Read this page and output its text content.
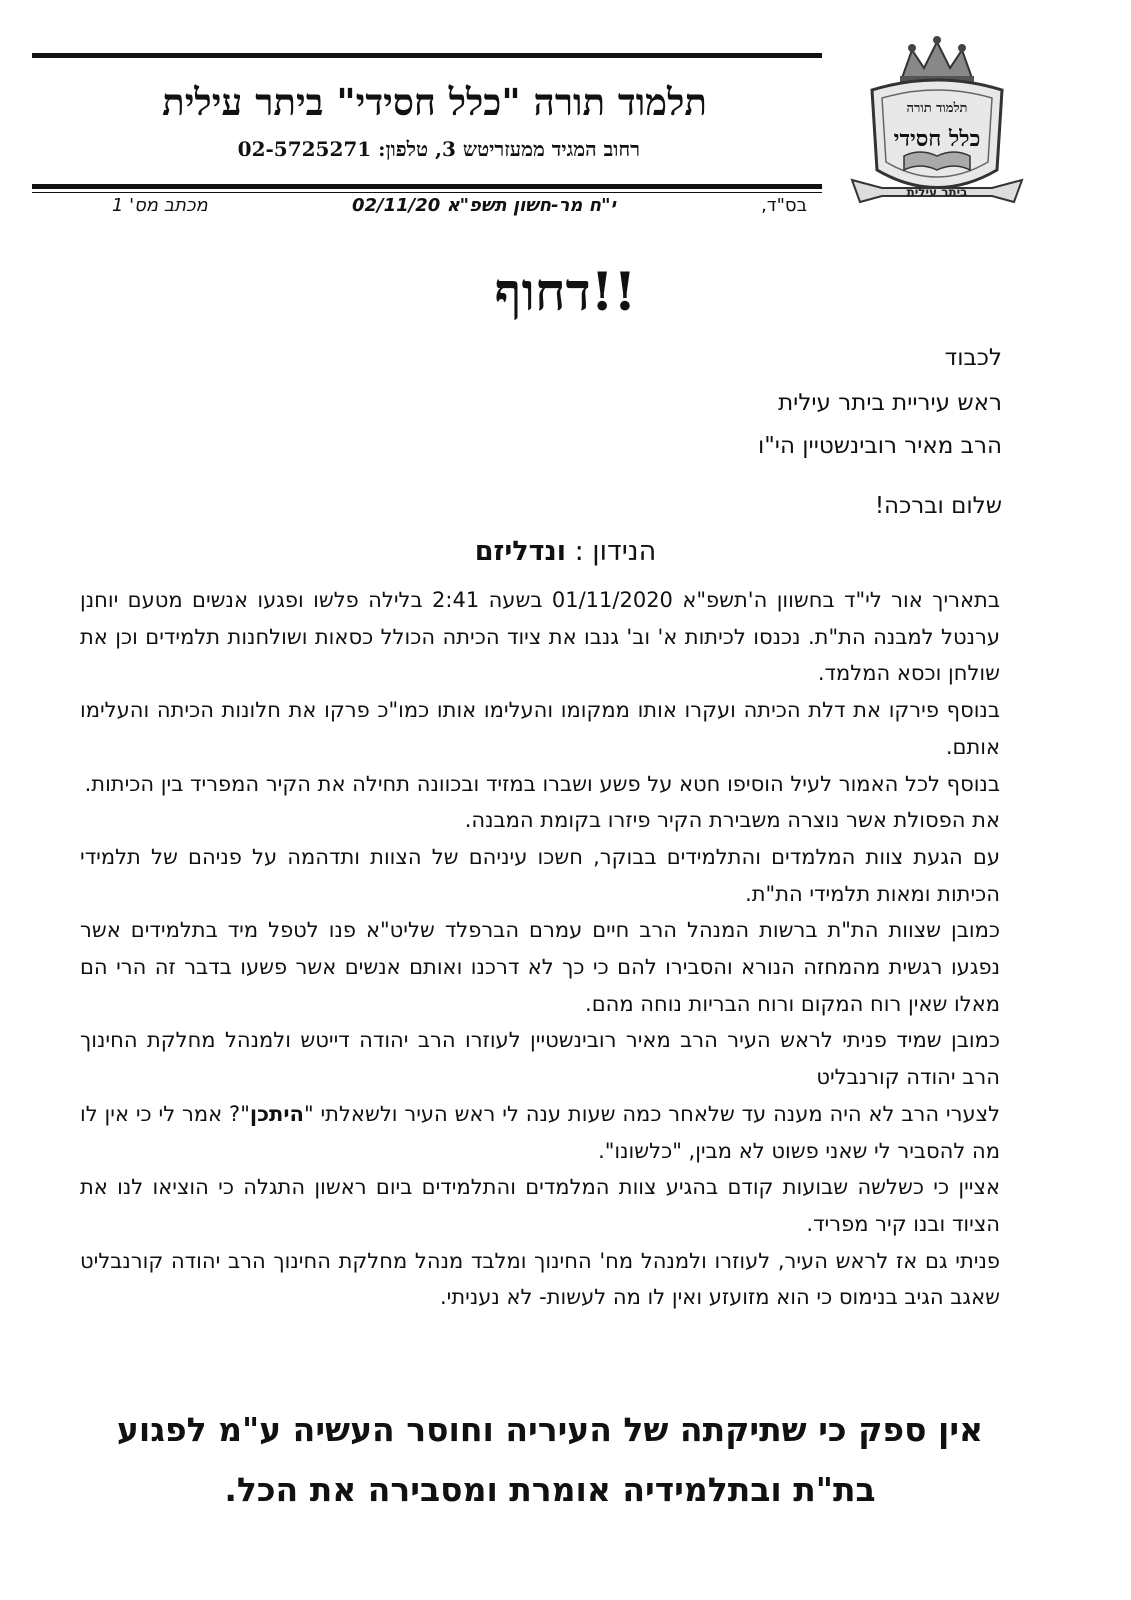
תלמוד תורה "כלל חסידי" ביתר עילית
רחוב המגיד ממעזריטש 3, טלפון: 02-5725271
תלמוד תורה
כלל חסידי
ביתר עילית
בס"ד,
י"ח מר-חשון תשפ"א 02/11/20
מכתב מס' 1
דחוף!!
לכבוד
ראש עיריית ביתר עילית
הרב מאיר רובינשטיין הי"ו
שלום וברכה!
הנידון : ונדליזם

בתאריך אור לי"ד בחשוון ה'תשפ"א 01/11/2020 בשעה 2:41 בלילה פלשו ופגעו אנשים מטעם יוחנן ערנטל למבנה הת"ת. נכנסו לכיתות א' וב' גנבו את ציוד הכיתה הכולל כסאות ושולחנות תלמידים וכן את שולחן וכסא המלמד.

בנוסף פירקו את דלת הכיתה ועקרו אותו ממקומו והעלימו אותו כמו"כ פרקו את חלונות הכיתה והעלימו אותם.

בנוסף לכל האמור לעיל הוסיפו חטא על פשע ושברו במזיד ובכוונה תחילה את הקיר המפריד בין הכיתות.

את הפסולת אשר נוצרה משבירת הקיר פיזרו בקומת המבנה.

עם הגעת צוות המלמדים והתלמידים בבוקר, חשכו עיניהם של הצוות ותדהמה על פניהם של תלמידי הכיתות ומאות תלמידי הת"ת.

כמובן שצוות הת"ת ברשות המנהל הרב חיים עמרם הברפלד שליט"א פנו לטפל מיד בתלמידים אשר נפגעו רגשית מהמחזה הנורא והסבירו להם כי כך לא דרכנו ואותם אנשים אשר פשעו בדבר זה הרי הם מאלו שאין רוח המקום ורוח הבריות נוחה מהם.

כמובן שמיד פניתי לראש העיר הרב מאיר רובינשטיין לעוזרו הרב יהודה דייטש ולמנהל מחלקת החינוך הרב יהודה קורנבליט

לצערי הרב לא היה מענה עד שלאחר כמה שעות ענה לי ראש העיר ולשאלתי "היתכן"? אמר לי כי אין לו מה להסביר לי שאני פשוט לא מבין, "כלשונו".

אציין כי כשלשה שבועות קודם בהגיע צוות המלמדים והתלמידים ביום ראשון התגלה כי הוציאו לנו את הציוד ובנו קיר מפריד.

פניתי גם אז לראש העיר, לעוזרו ולמנהל מח' החינוך ומלבד מנהל מחלקת החינוך הרב יהודה קורנבליט שאגב הגיב בנימוס כי הוא מזועזע ואין לו מה לעשות- לא נעניתי.

אין ספק כי שתיקתה של העיריה וחוסר העשיה ע"מ לפגוע
בת"ת ובתלמידיה אומרת ומסבירה את הכל.
